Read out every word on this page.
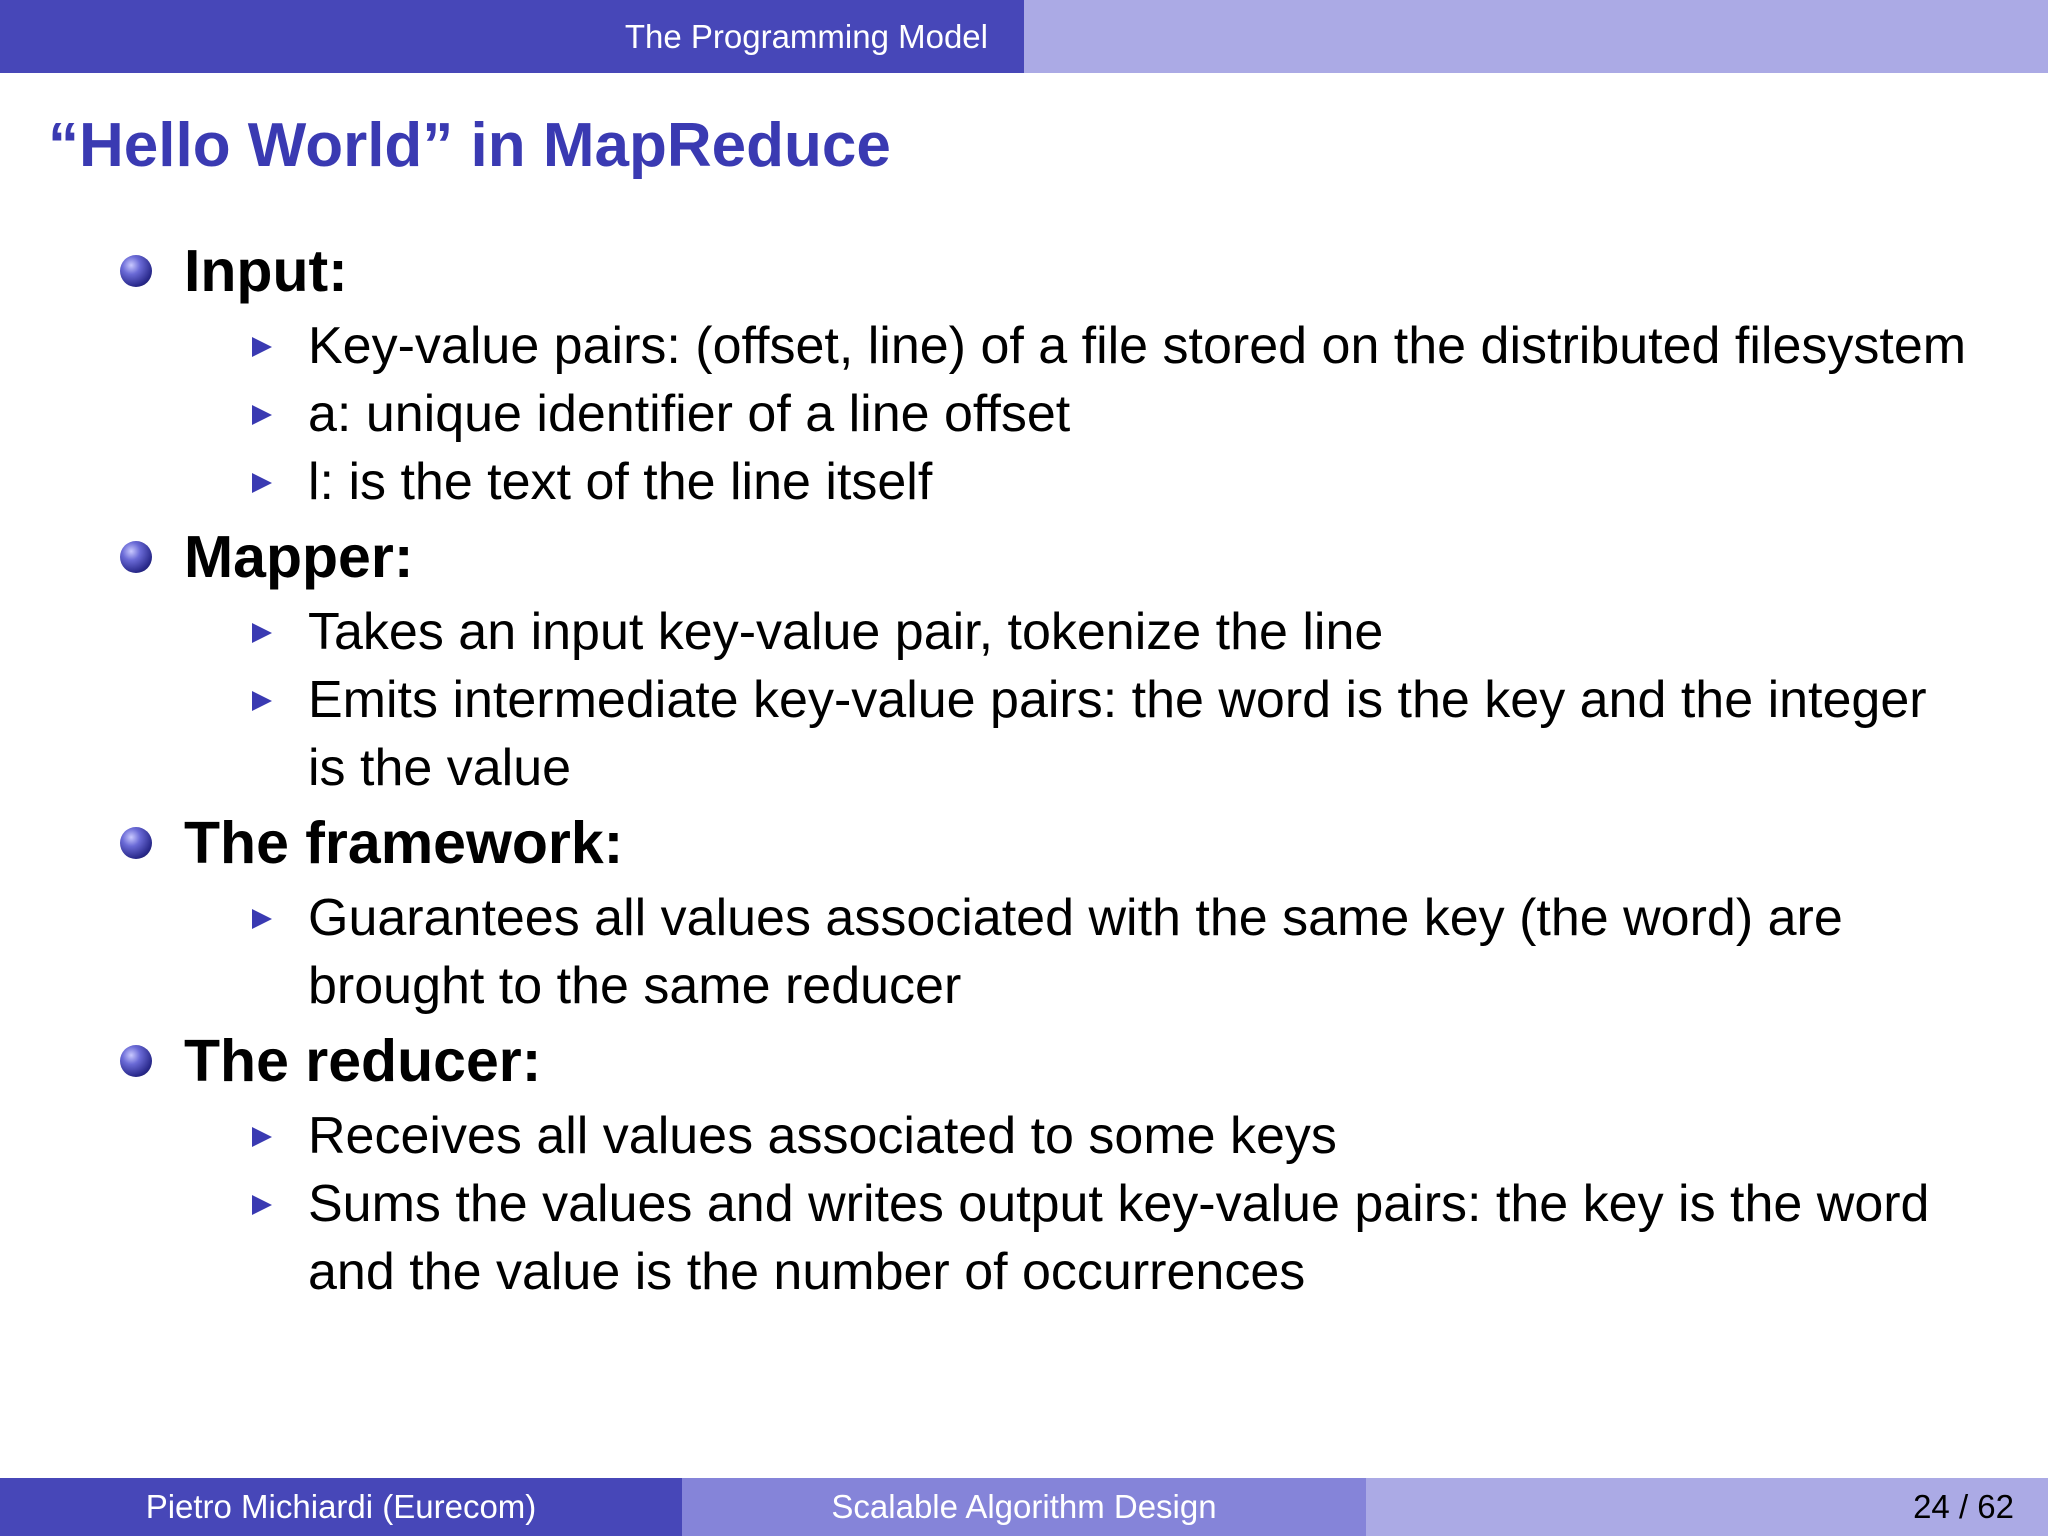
The Programming Model
“Hello World” in MapReduce
Input:
Key-value pairs: (offset, line) of a file stored on the distributed filesystem
a: unique identifier of a line offset
l: is the text of the line itself
Mapper:
Takes an input key-value pair, tokenize the line
Emits intermediate key-value pairs: the word is the key and the integer is the value
The framework:
Guarantees all values associated with the same key (the word) are brought to the same reducer
The reducer:
Receives all values associated to some keys
Sums the values and writes output key-value pairs: the key is the word and the value is the number of occurrences
Pietro Michiardi (Eurecom)	Scalable Algorithm Design	24 / 62
